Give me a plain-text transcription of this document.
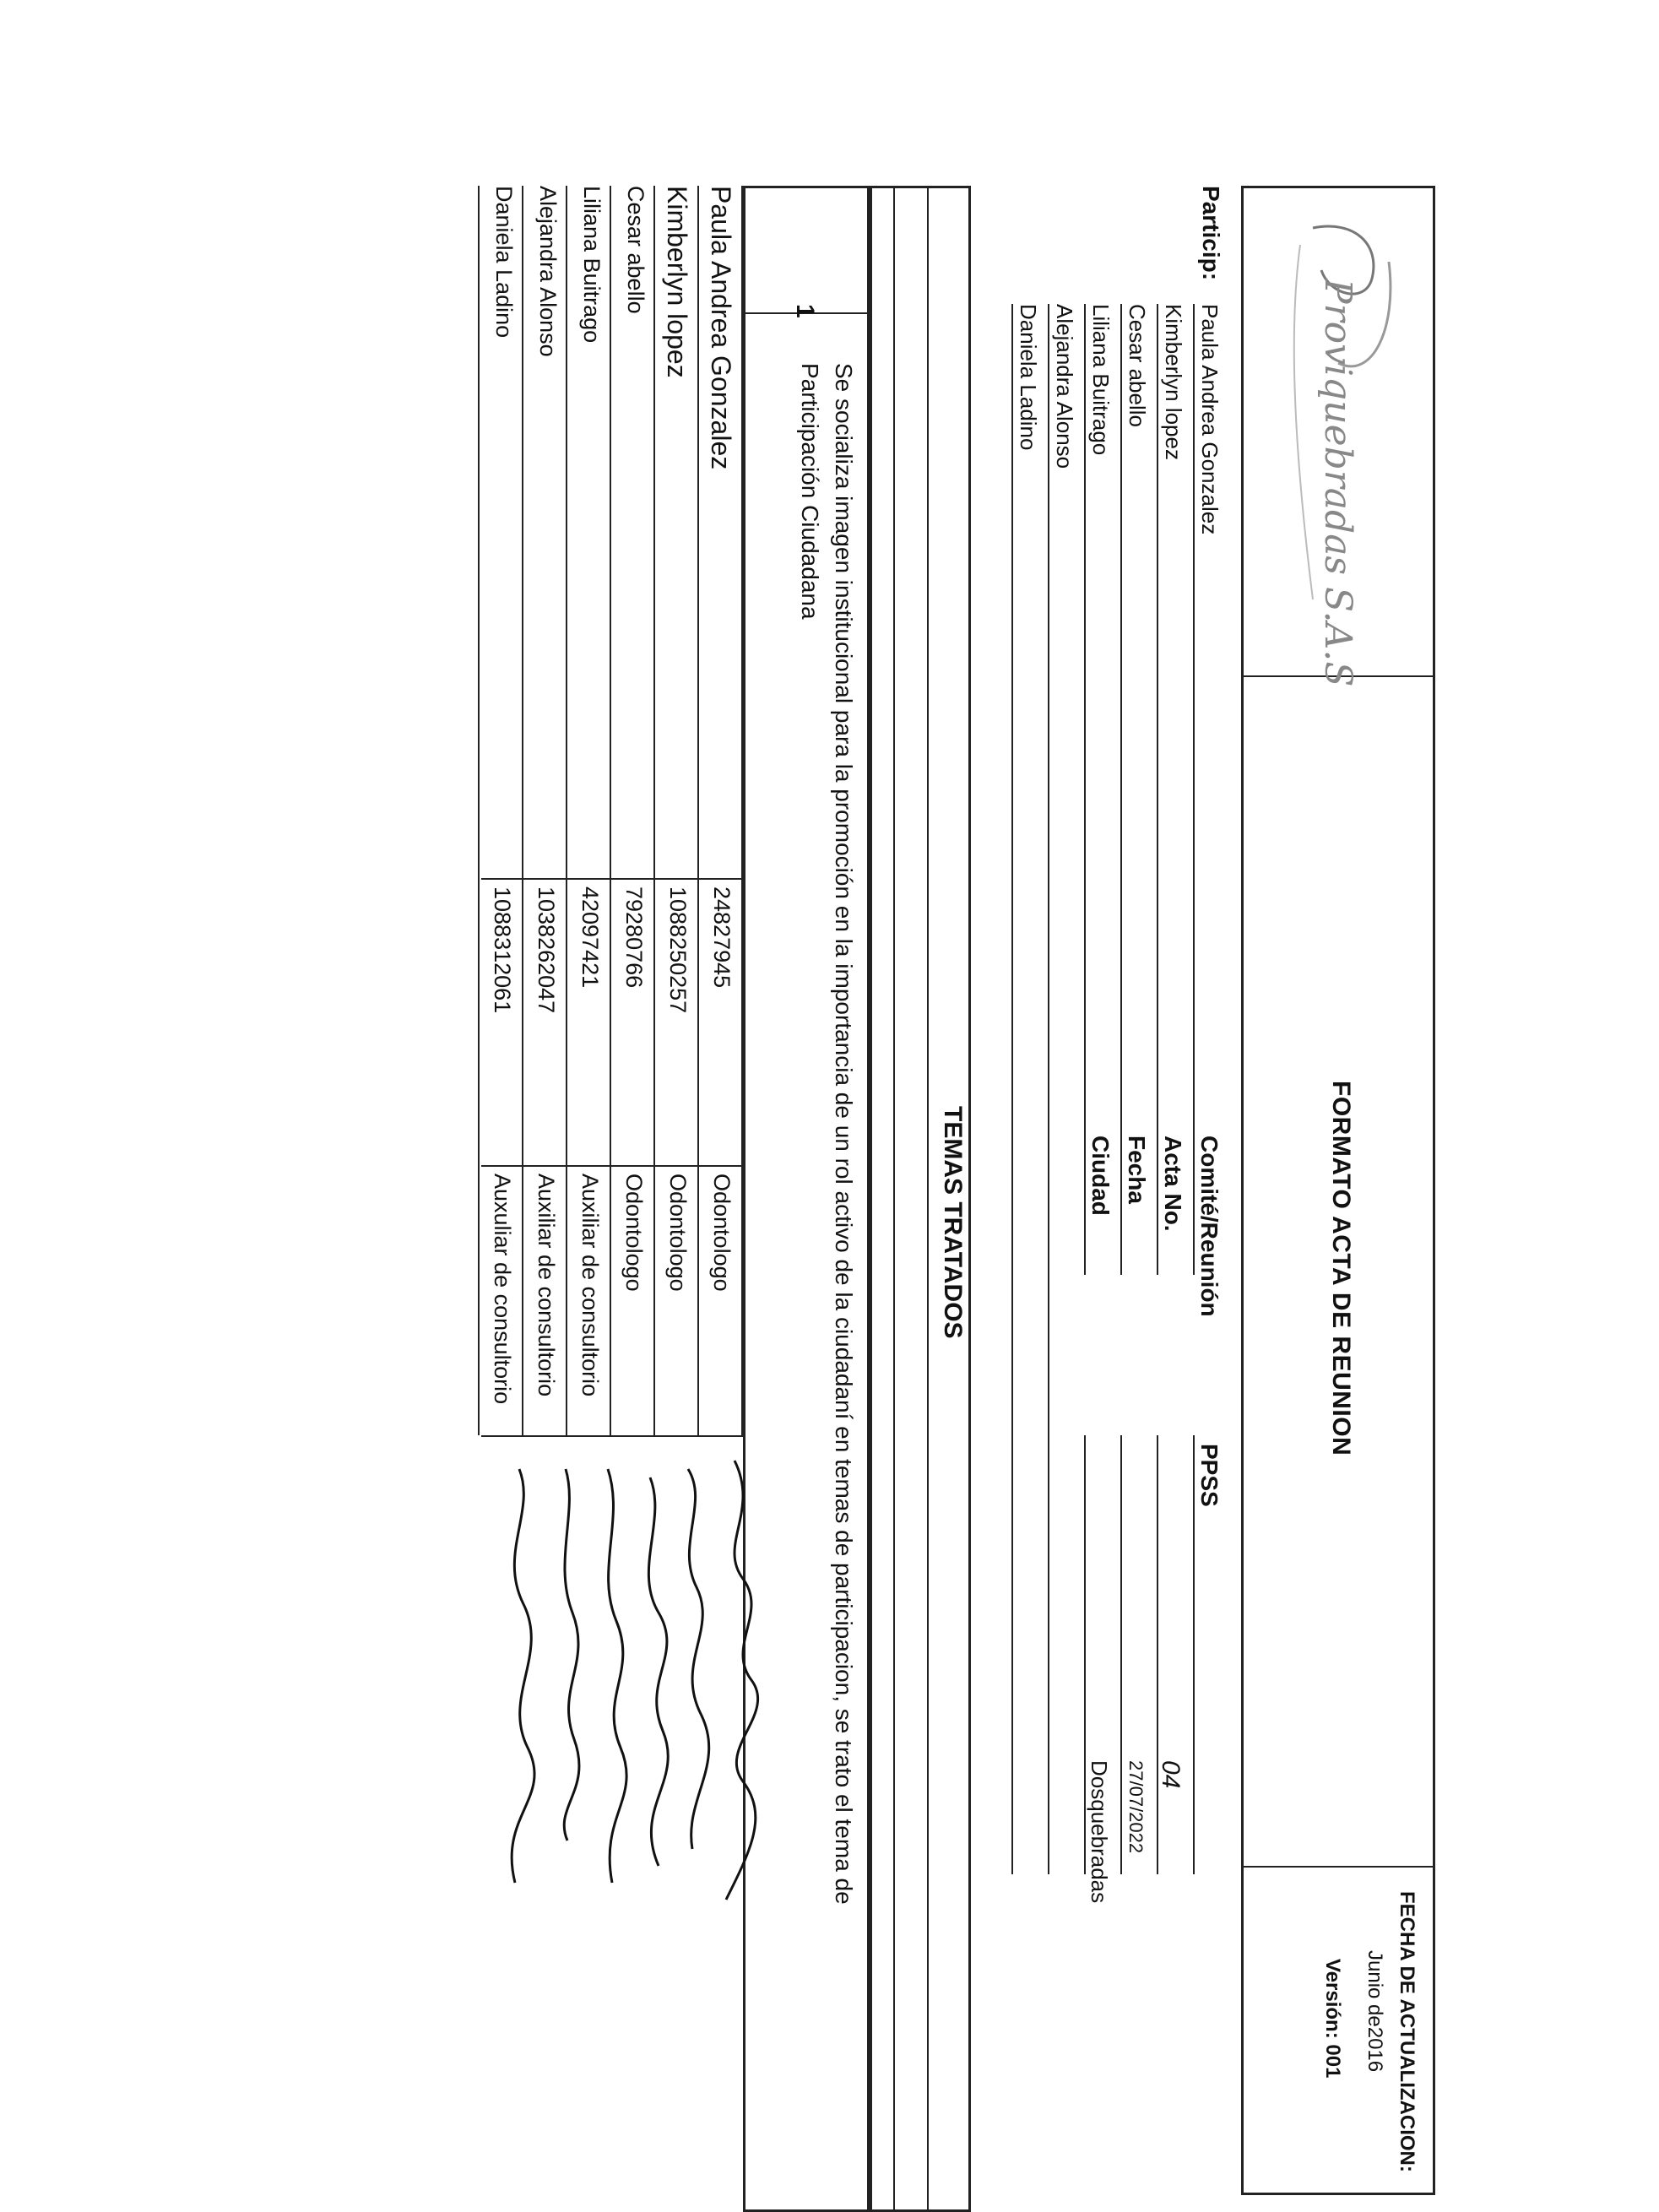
Proviquebradas S.A.S
FORMATO ACTA DE REUNION
FECHA DE ACTUALIZACION:
Junio de2016
Versión: 001
Particip:
Paula Andrea Gonzalez
Kimberlyn lopez
Cesar abello
Liliana Buitrago
Alejandra Alonso
Daniela Ladino
Comité/Reunión
PPSS
Acta No.
04
Fecha
27/07/2022
Ciudad
Dosquebradas
TEMAS TRATADOS
1
Se socializa imagen institucional para la promoción en la importancia de un rol activo de la ciudadaní en temas de participacion, se trato el tema de
Participación Ciudadana
Paula Andrea Gonzalez
24827945
Odontologo
Kimberlyn lopez
1088250257
Odontologo
Cesar abello
79280766
Odontologo
Liliana Buitrago
42097421
Auxiliar de consultorio
Alejandra Alonso
1038262047
Auxiliar de consultorio
Daniela Ladino
1088312061
Auxuliar de consultorio
